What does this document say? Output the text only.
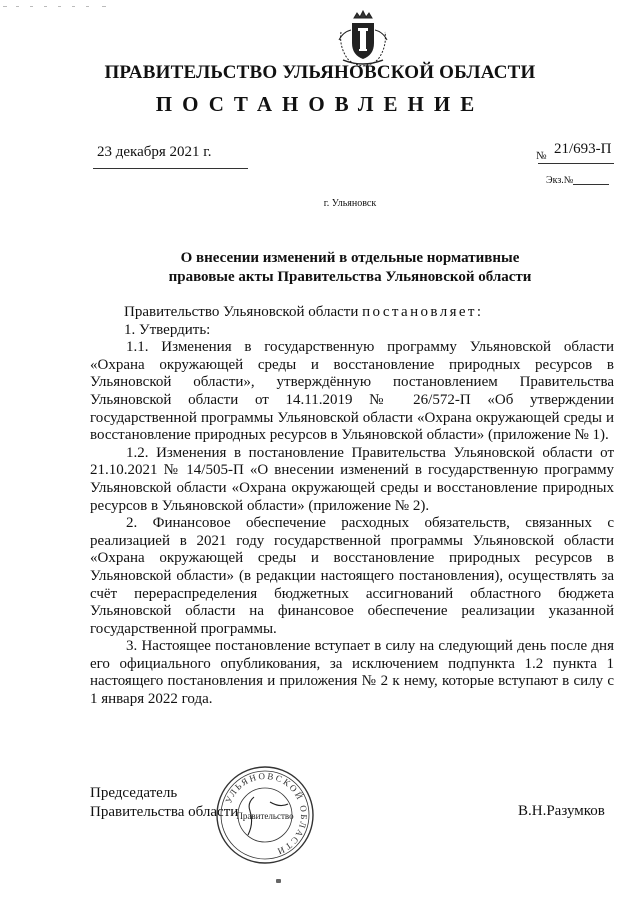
ПРАВИТЕЛЬСТВО УЛЬЯНОВСКОЙ ОБЛАСТИ
ПОСТАНОВЛЕНИЕ
23 декабря 2021 г.	№ 21/693-П
Экз.№
г. Ульяновск
О внесении изменений в отдельные нормативные
правовые акты Правительства Ульяновской области

Правительство Ульяновской области постановляет:

1. Утвердить:

1.1. Изменения в государственную программу Ульяновской области «Охрана окружающей среды и восстановление природных ресурсов в Ульяновской области», утверждённую постановлением Правительства Ульяновской области от 14.11.2019 № 26/572-П «Об утверждении государственной программы Ульяновской области «Охрана окружающей среды и восстановление природных ресурсов в Ульяновской области» (приложение № 1).

1.2. Изменения в постановление Правительства Ульяновской области от 21.10.2021 № 14/505-П «О внесении изменений в государственную программу Ульяновской области «Охрана окружающей среды и восстановление природных ресурсов в Ульяновской области» (приложение № 2).

2. Финансовое обеспечение расходных обязательств, связанных с реализацией в 2021 году государственной программы Ульяновской области «Охрана окружающей среды и восстановление природных ресурсов в Ульяновской области» (в редакции настоящего постановления), осуществлять за счёт перераспределения бюджетных ассигнований областного бюджета Ульяновской области на финансовое обеспечение реализации указанной государственной программы.

3. Настоящее постановление вступает в силу на следующий день после дня его официального опубликования, за исключением подпункта 1.2 пункта 1 настоящего постановления и приложения № 2 к нему, которые вступают в силу с 1 января 2022 года.

Председатель
Правительства области
УЛЬЯНОВСКОЙ ОБЛАСТИ
Правительство	В.Н.Разумков
